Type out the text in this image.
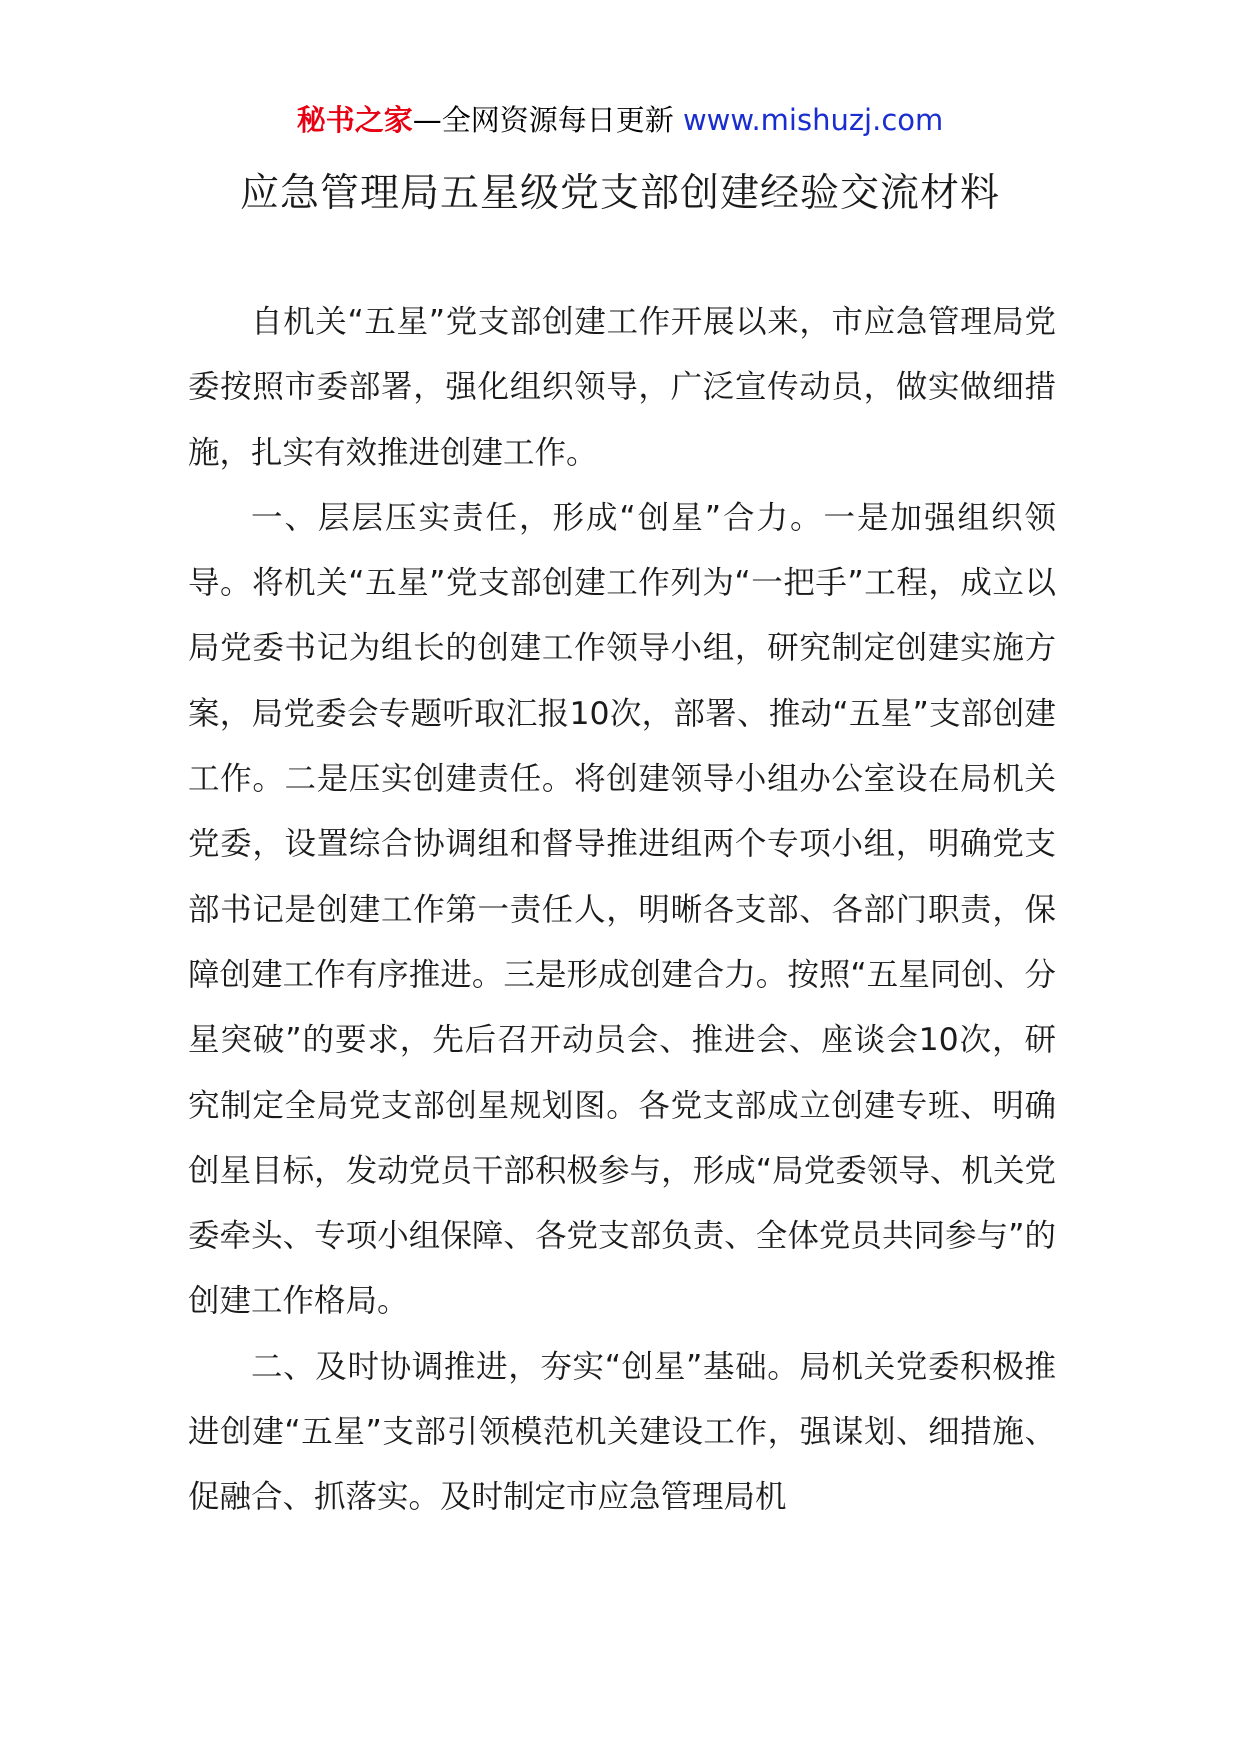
秘书之家—全网资源每日更新 www.mishuzj.com
应急管理局五星级党支部创建经验交流材料

自机关“五星”党支部创建工作开展以来，市应急管理局党委按照市委部署，强化组织领导，广泛宣传动员，做实做细措施，扎实有效推进创建工作。

一、层层压实责任，形成“创星”合力。一是加强组织领导。将机关“五星”党支部创建工作列为“一把手”工程，成立以局党委书记为组长的创建工作领导小组，研究制定创建实施方案，局党委会专题听取汇报10次，部署、推动“五星”支部创建工作。二是压实创建责任。将创建领导小组办公室设在局机关党委，设置综合协调组和督导推进组两个专项小组，明确党支部书记是创建工作第一责任人，明晰各支部、各部门职责，保障创建工作有序推进。三是形成创建合力。按照“五星同创、分星突破”的要求，先后召开动员会、推进会、座谈会10次，研究制定全局党支部创星规划图。各党支部成立创建专班、明确创星目标，发动党员干部积极参与，形成“局党委领导、机关党委牵头、专项小组保障、各党支部负责、全体党员共同参与”的创建工作格局。

二、及时协调推进，夯实“创星”基础。局机关党委积极推进创建“五星”支部引领模范机关建设工作，强谋划、细措施、促融合、抓落实。及时制定市应急管理局机
